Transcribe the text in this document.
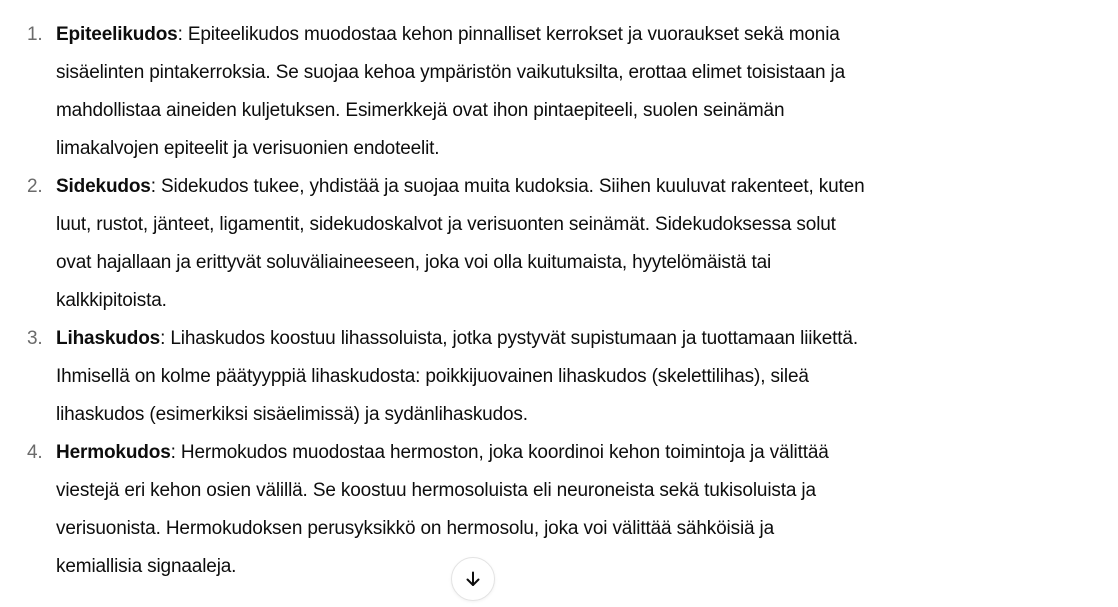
1. Epiteelikudos: Epiteelikudos muodostaa kehon pinnalliset kerrokset ja vuoraukset sekä monia
sisäelinten pintakerroksia. Se suojaa kehoa ympäristön vaikutuksilta, erottaa elimet toisistaan ja
mahdollistaa aineiden kuljetuksen. Esimerkkejä ovat ihon pintaepiteeli, suolen seinämän
limakalvojen epiteelit ja verisuonien endoteelit.
2. Sidekudos: Sidekudos tukee, yhdistää ja suojaa muita kudoksia. Siihen kuuluvat rakenteet, kuten
luut, rustot, jänteet, ligamentit, sidekudoskalvot ja verisuonten seinämät. Sidekudoksessa solut
ovat hajallaan ja erittyvät soluväliaineeseen, joka voi olla kuitumaista, hyytelömäistä tai
kalkkipitoista.
3. Lihaskudos: Lihaskudos koostuu lihassoluista, jotka pystyvät supistumaan ja tuottamaan liikettä.
Ihmisellä on kolme päätyyppiä lihaskudosta: poikkijuovainen lihaskudos (skelettilihas), sileä
lihaskudos (esimerkiksi sisäelimissä) ja sydänlihaskudos.
4. Hermokudos: Hermokudos muodostaa hermoston, joka koordinoi kehon toimintoja ja välittää
viestejä eri kehon osien välillä. Se koostuu hermosoluista eli neuroneista sekä tukisoluista ja
verisuonista. Hermokudoksen perusyksikkö on hermosolu, joka voi välittää sähköisiä ja
kemiallisia signaaleja.
